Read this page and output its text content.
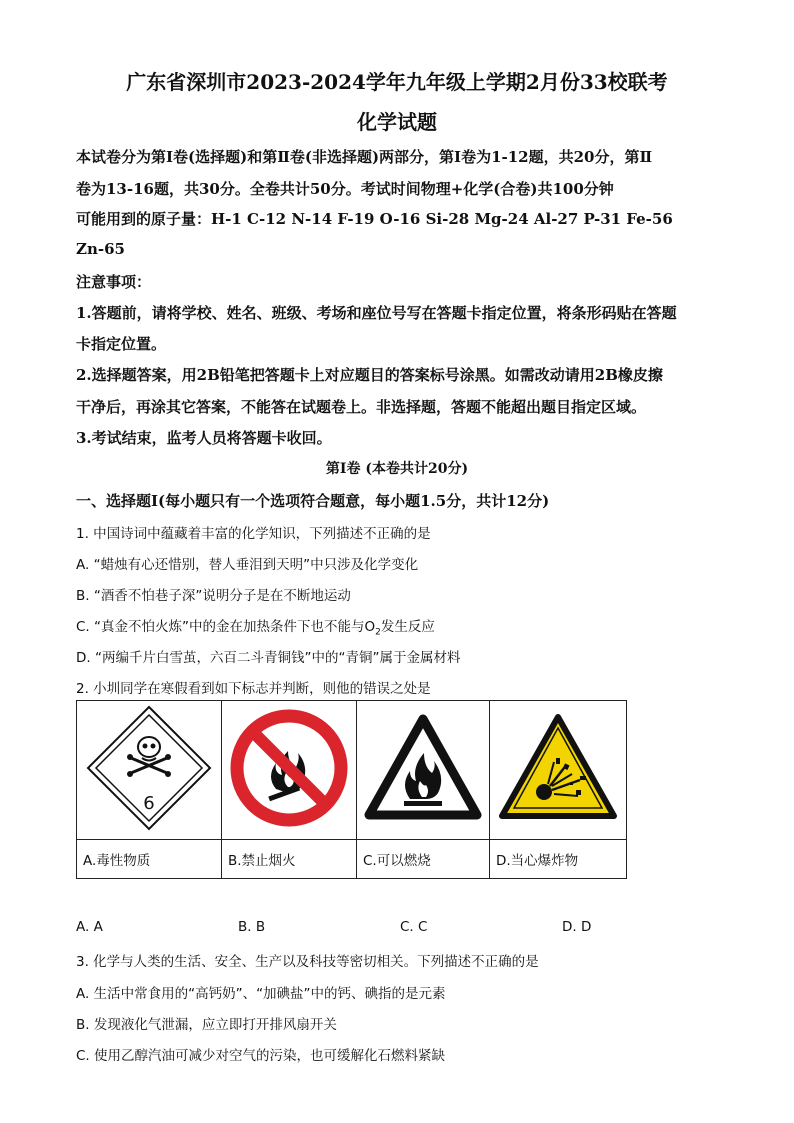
广东省深圳市2023-2024学年九年级上学期2月份33校联考
化学试题
本试卷分为第Ⅰ卷(选择题)和第Ⅱ卷(非选择题)两部分，第Ⅰ卷为1-12题，共20分，第Ⅱ
卷为13-16题，共30分。全卷共计50分。考试时间物理+化学(合卷)共100分钟
可能用到的原子量：H-1 C-12 N-14 F-19 O-16 Si-28 Mg-24 Al-27 P-31 Fe-56
Zn-65
注意事项：
1.答题前，请将学校、姓名、班级、考场和座位号写在答题卡指定位置，将条形码贴在答题
卡指定位置。
2.选择题答案，用2B铅笔把答题卡上对应题目的答案标号涂黑。如需改动请用2B橡皮擦
干净后，再涂其它答案，不能答在试题卷上。非选择题，答题不能超出题目指定区域。
3.考试结束，监考人员将答题卡收回。
第Ⅰ卷 (本卷共计20分)
一、选择题Ⅰ(每小题只有一个选项符合题意，每小题1.5分，共计12分)
1. 中国诗词中蕴藏着丰富的化学知识，下列描述不正确的是
A. “蜡烛有心还惜别，替人垂泪到天明”中只涉及化学变化
B. “酒香不怕巷子深”说明分子是在不断地运动
C. “真金不怕火炼”中的金在加热条件下也不能与$O_2$发生反应
D. “两编千片白雪茧，六百二斗青铜钱”中的“青铜”属于金属材料
2. 小圳同学在寒假看到如下标志并判断，则他的错误之处是
6

A.毒性物质	B.禁止烟火	C.可以燃烧	D.当心爆炸物
A. A	B. B	C. C	D. D
3. 化学与人类的生活、安全、生产以及科技等密切相关。下列描述不正确的是
A. 生活中常食用的“高钙奶”、“加碘盐”中的钙、碘指的是元素
B. 发现液化气泄漏，应立即打开排风扇开关
C. 使用乙醇汽油可减少对空气的污染，也可缓解化石燃料紧缺
